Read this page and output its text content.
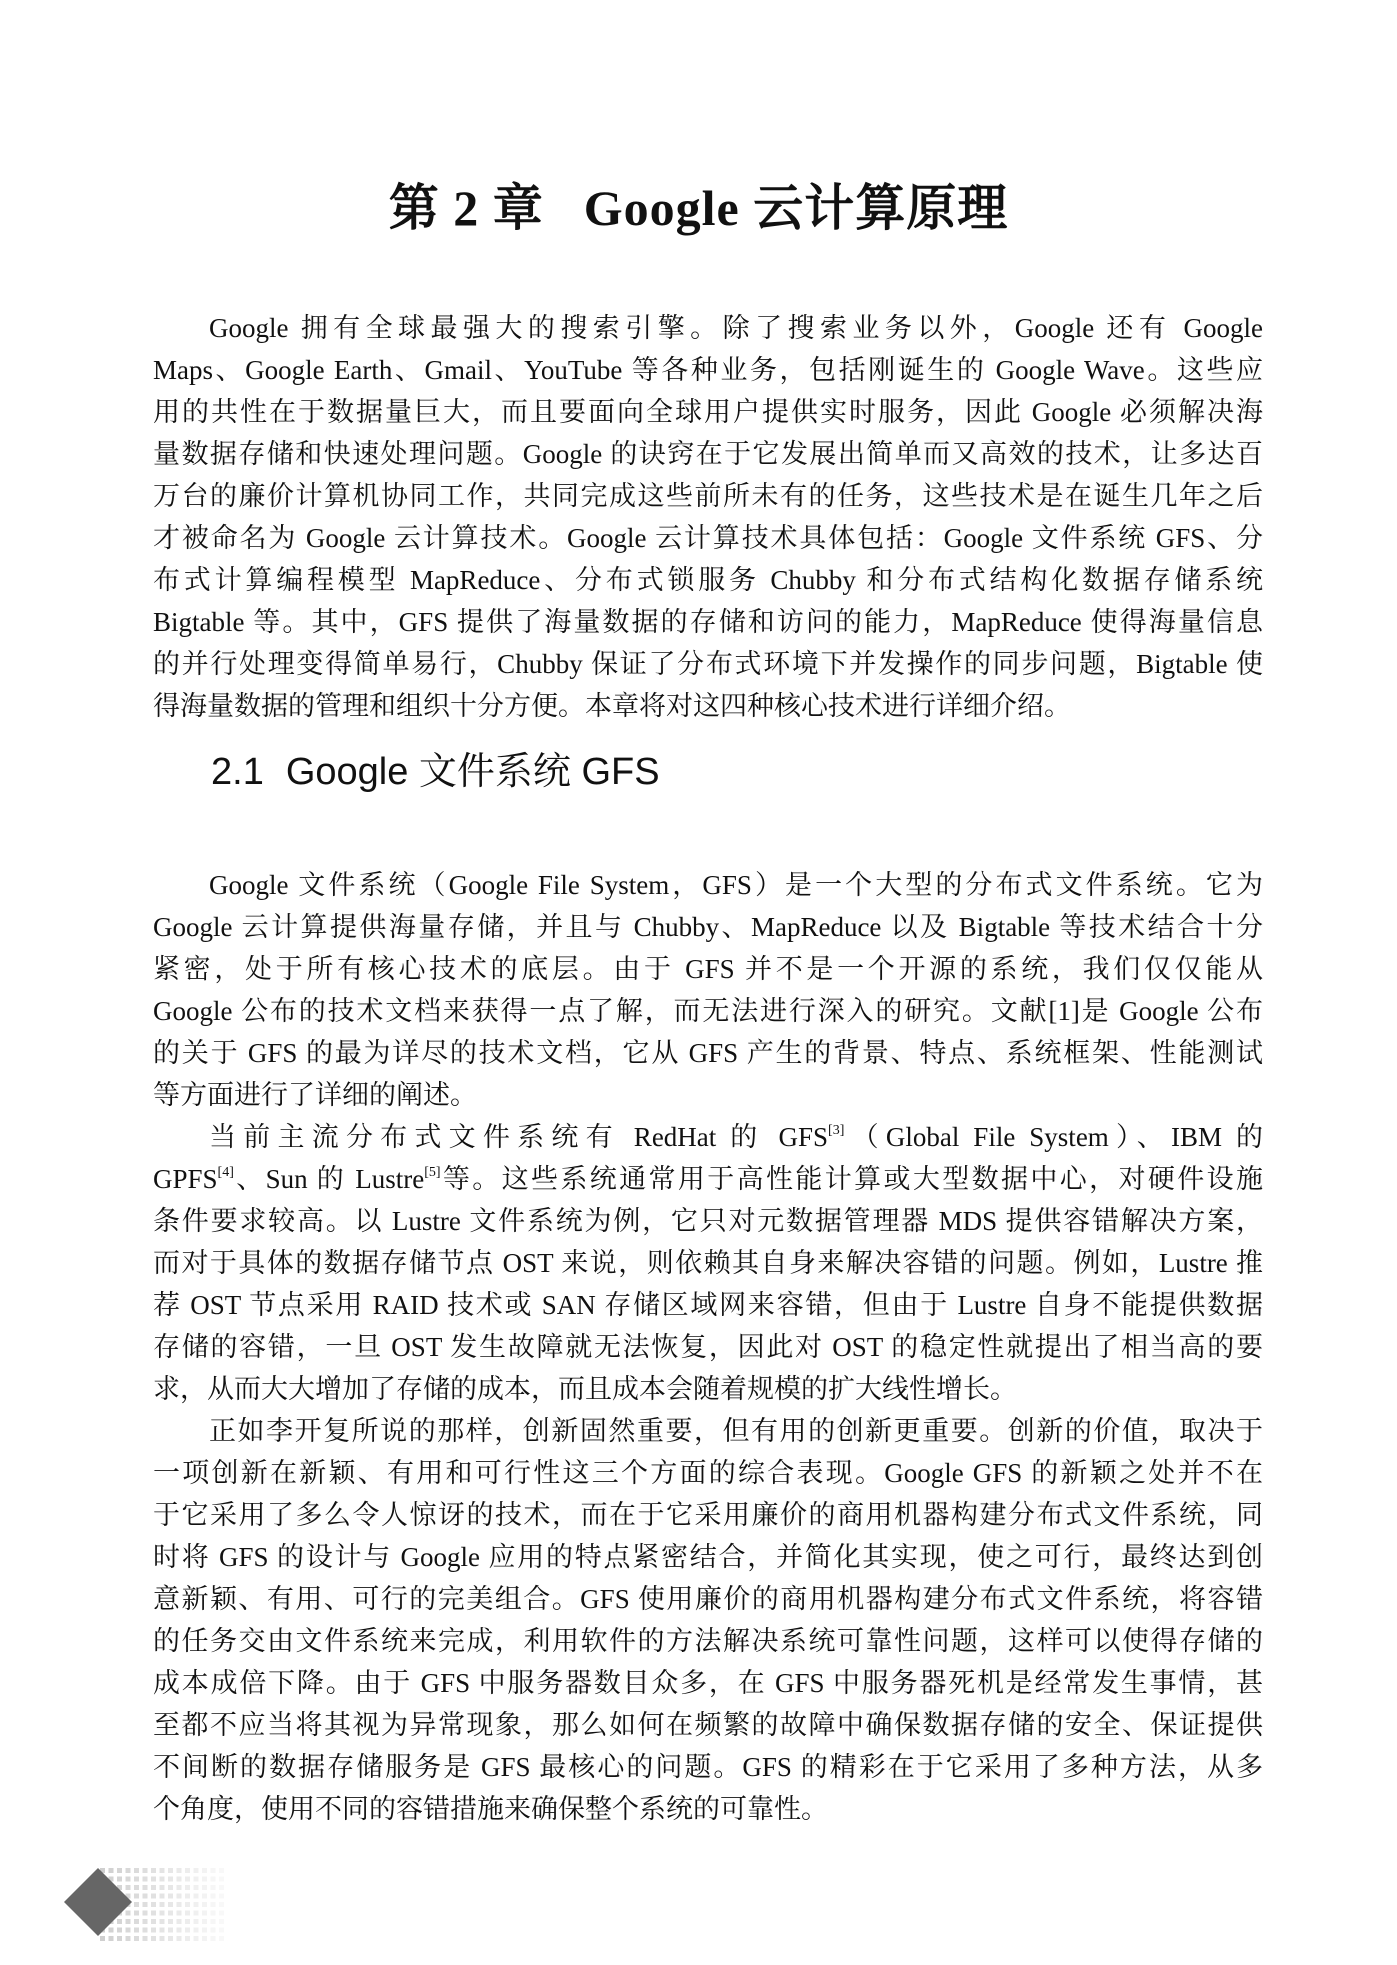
第 2 章 Google 云计算原理
Google 拥有全球最强大的搜索引擎。除了搜索业务以外，Google 还有 Google
Maps、Google Earth、Gmail、YouTube 等各种业务，包括刚诞生的 Google Wave。这些应
用的共性在于数据量巨大，而且要面向全球用户提供实时服务，因此 Google 必须解决海
量数据存储和快速处理问题。Google 的诀窍在于它发展出简单而又高效的技术，让多达百
万台的廉价计算机协同工作，共同完成这些前所未有的任务，这些技术是在诞生几年之后
才被命名为 Google 云计算技术。Google 云计算技术具体包括：Google 文件系统 GFS、分
布式计算编程模型 MapReduce、分布式锁服务 Chubby 和分布式结构化数据存储系统
Bigtable 等。其中，GFS 提供了海量数据的存储和访问的能力，MapReduce 使得海量信息
的并行处理变得简单易行，Chubby 保证了分布式环境下并发操作的同步问题，Bigtable 使
得海量数据的管理和组织十分方便。本章将对这四种核心技术进行详细介绍。
2.1 Google 文件系统 GFS
Google 文件系统（Google File System，GFS）是一个大型的分布式文件系统。它为
Google 云计算提供海量存储，并且与 Chubby、MapReduce 以及 Bigtable 等技术结合十分
紧密，处于所有核心技术的底层。由于 GFS 并不是一个开源的系统，我们仅仅能从
Google 公布的技术文档来获得一点了解，而无法进行深入的研究。文献[1]是 Google 公布
的关于 GFS 的最为详尽的技术文档，它从 GFS 产生的背景、特点、系统框架、性能测试
等方面进行了详细的阐述。
当前主流分布式文件系统有 RedHat 的 GFS[3]（Global File System）、IBM 的
GPFS[4]、Sun 的 Lustre[5]等。这些系统通常用于高性能计算或大型数据中心，对硬件设施
条件要求较高。以 Lustre 文件系统为例，它只对元数据管理器 MDS 提供容错解决方案，
而对于具体的数据存储节点 OST 来说，则依赖其自身来解决容错的问题。例如，Lustre 推
荐 OST 节点采用 RAID 技术或 SAN 存储区域网来容错，但由于 Lustre 自身不能提供数据
存储的容错，一旦 OST 发生故障就无法恢复，因此对 OST 的稳定性就提出了相当高的要
求，从而大大增加了存储的成本，而且成本会随着规模的扩大线性增长。
正如李开复所说的那样，创新固然重要，但有用的创新更重要。创新的价值，取决于
一项创新在新颖、有用和可行性这三个方面的综合表现。Google GFS 的新颖之处并不在
于它采用了多么令人惊讶的技术，而在于它采用廉价的商用机器构建分布式文件系统，同
时将 GFS 的设计与 Google 应用的特点紧密结合，并简化其实现，使之可行，最终达到创
意新颖、有用、可行的完美组合。GFS 使用廉价的商用机器构建分布式文件系统，将容错
的任务交由文件系统来完成，利用软件的方法解决系统可靠性问题，这样可以使得存储的
成本成倍下降。由于 GFS 中服务器数目众多，在 GFS 中服务器死机是经常发生事情，甚
至都不应当将其视为异常现象，那么如何在频繁的故障中确保数据存储的安全、保证提供
不间断的数据存储服务是 GFS 最核心的问题。GFS 的精彩在于它采用了多种方法，从多
个角度，使用不同的容错措施来确保整个系统的可靠性。
